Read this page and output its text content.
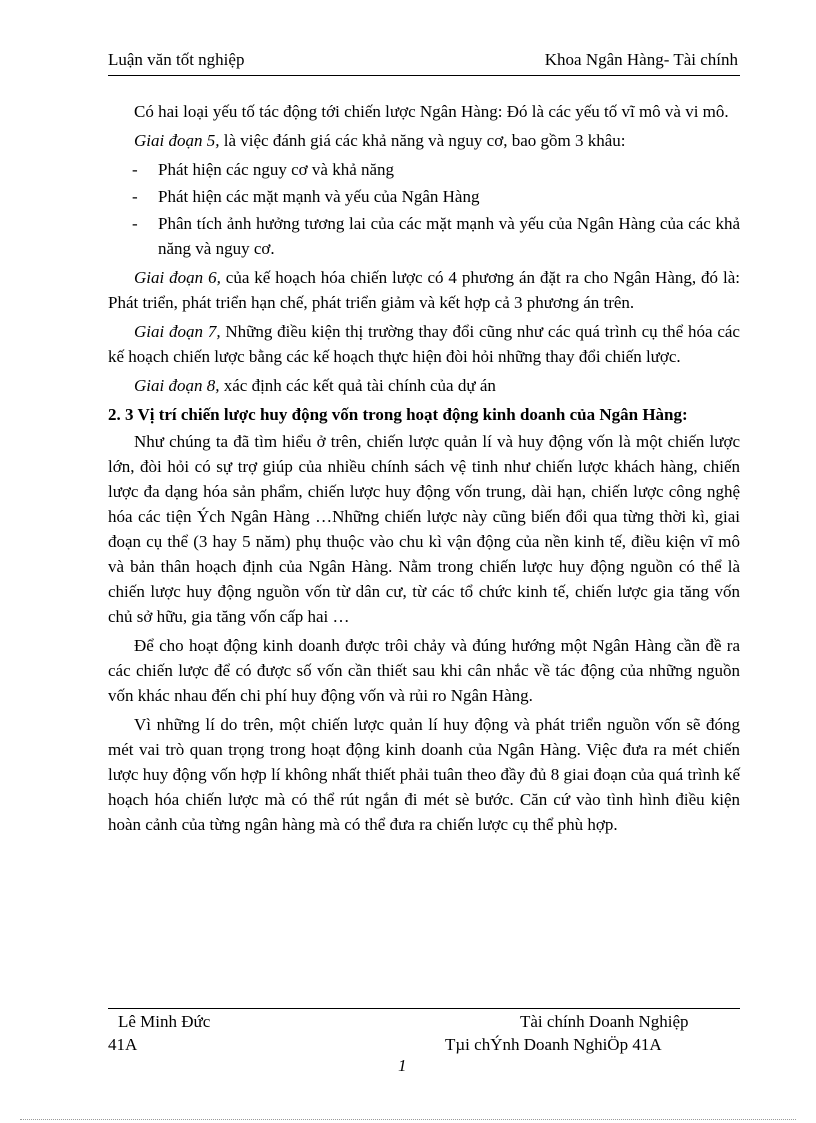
Luận văn tốt nghiệp	Khoa Ngân Hàng- Tài chính

Có hai loại yếu tố tác động tới chiến lược Ngân Hàng: Đó là các yếu tố vĩ mô và vi mô.

Giai đoạn 5, là việc đánh giá các khả năng và nguy cơ, bao gồm 3 khâu:

- Phát hiện các nguy cơ và khả năng
- Phát hiện các mặt mạnh và yếu của Ngân Hàng
- Phân tích ảnh hưởng tương lai của các mặt mạnh và yếu của Ngân Hàng của các khả năng và nguy cơ.

Giai đoạn 6, của kế hoạch hóa chiến lược có 4 phương án đặt ra cho Ngân Hàng, đó là: Phát triển, phát triển hạn chế, phát triển giảm và kết hợp cả 3 phương án trên.

Giai đoạn 7, Những điều kiện thị trường thay đổi cũng như các quá trình cụ thể hóa các kế hoạch chiến lược bằng các kế hoạch thực hiện đòi hỏi những thay đổi chiến lược.

Giai đoạn 8, xác định các kết quả tài chính của dự án

2. 3 Vị trí chiến lược huy động vốn trong hoạt động kinh doanh của Ngân Hàng:

Như chúng ta đã tìm hiểu ở trên, chiến lược quản lí và huy động vốn là một chiến lược lớn, đòi hỏi có sự trợ giúp của nhiều chính sách vệ tinh như chiến lược khách hàng, chiến lược đa dạng hóa sản phẩm, chiến lược huy động vốn trung, dài hạn, chiến lược công nghệ hóa các tiện Ých Ngân Hàng …Những chiến lược này cũng biến đổi qua từng thời kì, giai đoạn cụ thể (3 hay 5 năm) phụ thuộc vào chu kì vận động của nền kinh tế, điều kiện vĩ mô và bản thân hoạch định của Ngân Hàng. Nằm trong chiến lược huy động nguồn có thể là chiến lược huy động nguồn vốn từ dân cư, từ các tổ chức kinh tế, chiến lược gia tăng vốn chủ sở hữu, gia tăng vốn cấp hai …

Để cho hoạt động kinh doanh được trôi chảy và đúng hướng một Ngân Hàng cần đề ra các chiến lược để có được số vốn cần thiết sau khi cân nhắc về tác động của những nguồn vốn khác nhau đến chi phí huy động vốn và rủi ro Ngân Hàng.

Vì những lí do trên, một chiến lược quản lí huy động và phát triển nguồn vốn sẽ đóng mét vai trò quan trọng trong hoạt động kinh doanh của Ngân Hàng. Việc đưa ra mét chiến lược huy động vốn hợp lí không nhất thiết phải tuân theo đầy đủ 8 giai đoạn của quá trình kế hoạch hóa chiến lược mà có thể rút ngắn đi mét sè bước. Căn cứ vào tình hình điều kiện hoàn cảnh của từng ngân hàng mà có thể đưa ra chiến lược cụ thể phù hợp.

Lê Minh Đức
41A
Tài chính Doanh Nghiệp
Tµi chÝnh Doanh NghiÖp 41A
1
